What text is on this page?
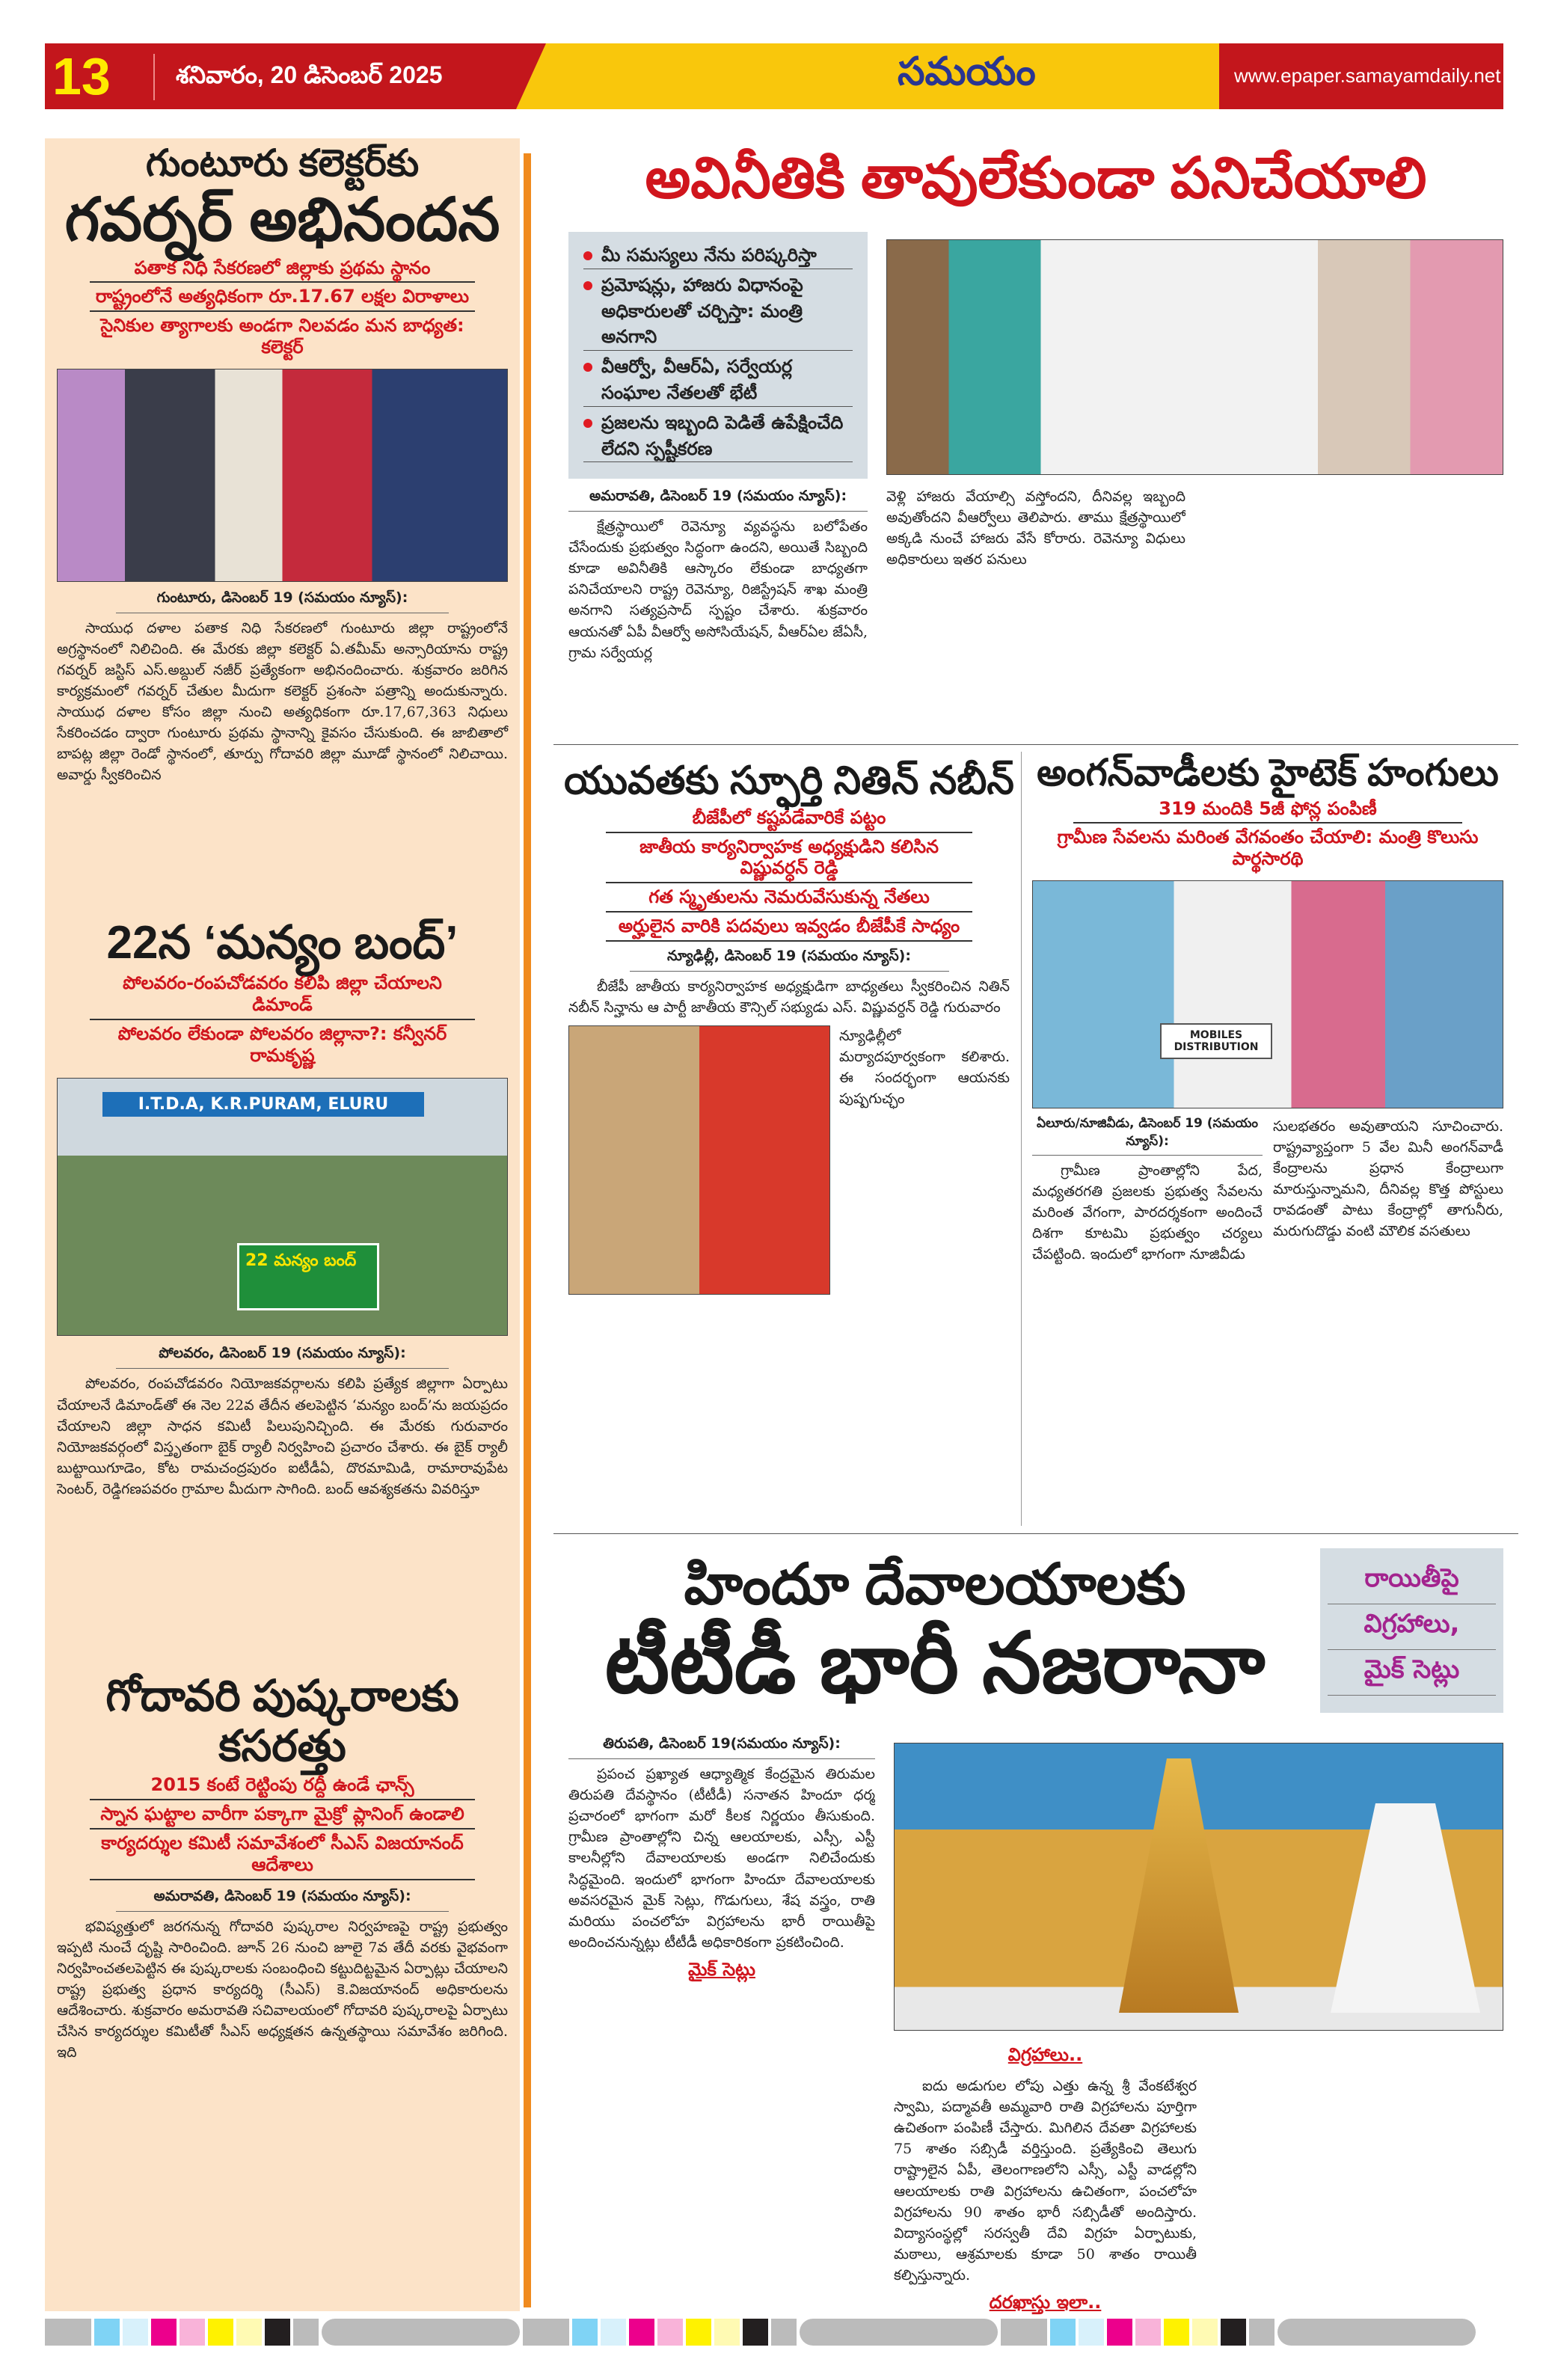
13	శనివారం, 20 డిసెంబర్ 2025	సమయం	www.epaper.samayamdaily.net
గుంటూరు కలెక్టర్‌కు
గవర్నర్ అభినందన
పతాక నిధి సేకరణలో జిల్లాకు ప్రథమ స్థానం
రాష్ట్రంలోనే అత్యధికంగా రూ.17.67 లక్షల విరాళాలు
సైనికుల త్యాగాలకు అండగా నిలవడం మన బాధ్యత: కలెక్టర్
గుంటూరు, డిసెంబర్ 19 (సమయం న్యూస్):
సాయుధ దళాల పతాక నిధి సేకరణలో గుంటూరు జిల్లా రాష్ట్రంలోనే అగ్రస్థానంలో నిలిచింది. ఈ మేరకు జిల్లా కలెక్టర్ ఏ.తమీమ్ అన్సారియాను రాష్ట్ర గవర్నర్ జస్టిస్ ఎస్.అబ్దుల్ నజీర్ ప్రత్యేకంగా అభినందించారు. శుక్రవారం జరిగిన కార్యక్రమంలో గవర్నర్ చేతుల మీదుగా కలెక్టర్ ప్రశంసా పత్రాన్ని అందుకున్నారు. సాయుధ దళాల కోసం జిల్లా నుంచి అత్యధికంగా రూ.17,67,363 నిధులు సేకరించడం ద్వారా గుంటూరు ప్రథమ స్థానాన్ని కైవసం చేసుకుంది. ఈ జాబితాలో బాపట్ల జిల్లా రెండో స్థానంలో, తూర్పు గోదావరి జిల్లా మూడో స్థానంలో నిలిచాయి. అవార్డు స్వీకరించిన
22న ‘మన్యం బంద్’
పోలవరం-రంపచోడవరం కలిపి జిల్లా చేయాలని డిమాండ్
పోలవరం లేకుండా పోలవరం జిల్లానా?: కన్వీనర్ రామకృష్ణ
I.T.D.A, K.R.PURAM, ELURU
22 మన్యం బంద్
పోలవరం, డిసెంబర్ 19 (సమయం న్యూస్):
పోలవరం, రంపచోడవరం నియోజకవర్గాలను కలిపి ప్రత్యేక జిల్లాగా ఏర్పాటు చేయాలనే డిమాండ్‌తో ఈ నెల 22వ తేదీన తలపెట్టిన ‘మన్యం బంద్’ను జయప్రదం చేయాలని జిల్లా సాధన కమిటీ పిలుపునిచ్చింది. ఈ మేరకు గురువారం నియోజకవర్గంలో విస్తృతంగా బైక్ ర్యాలీ నిర్వహించి ప్రచారం చేశారు. ఈ బైక్ ర్యాలీ బుట్టాయిగూడెం, కోట రామచంద్రపురం ఐటీడీఏ, దొరమామిడి, రామారావుపేట సెంటర్, రెడ్డిగణపవరం గ్రామాల మీదుగా సాగింది. బంద్ ఆవశ్యకతను వివరిస్తూ
గోదావరి పుష్కరాలకు కసరత్తు
2015 కంటే రెట్టింపు రద్దీ ఉండే ఛాన్స్
స్నాన ఘట్టాల వారీగా పక్కాగా మైక్రో ప్లానింగ్ ఉండాలి
కార్యదర్శుల కమిటీ సమావేశంలో సీఎస్ విజయానంద్ ఆదేశాలు
అమరావతి, డిసెంబర్ 19 (సమయం న్యూస్):
భవిష్యత్తులో జరగనున్న గోదావరి పుష్కరాల నిర్వహణపై రాష్ట్ర ప్రభుత్వం ఇప్పటి నుంచే దృష్టి సారించింది. జూన్ 26 నుంచి జూలై 7వ తేదీ వరకు వైభవంగా నిర్వహించతలపెట్టిన ఈ పుష్కరాలకు సంబంధించి కట్టుదిట్టమైన ఏర్పాట్లు చేయాలని రాష్ట్ర ప్రభుత్వ ప్రధాన కార్యదర్శి (సీఎస్) కె.విజయానంద్ అధికారులను ఆదేశించారు. శుక్రవారం అమరావతి సచివాలయంలో గోదావరి పుష్కరాలపై ఏర్పాటు చేసిన కార్యదర్శుల కమిటీతో సీఎస్ అధ్యక్షతన ఉన్నతస్థాయి సమావేశం జరిగింది. ఇది
అవినీతికి తావులేకుండా పనిచేయాలి
మీ సమస్యలు నేను పరిష్కరిస్తా
ప్రమోషన్లు, హాజరు విధానంపై అధికారులతో చర్చిస్తా: మంత్రి అనగాని
వీఆర్వో, వీఆర్ఏ, సర్వేయర్ల సంఘాల నేతలతో భేటీ
ప్రజలను ఇబ్బంది పెడితే ఉపేక్షించేది లేదని స్పష్టీకరణ
అమరావతి, డిసెంబర్ 19 (సమయం న్యూస్):
క్షేత్రస్థాయిలో రెవెన్యూ వ్యవస్థను బలోపేతం చేసేందుకు ప్రభుత్వం సిద్ధంగా ఉందని, అయితే సిబ్బంది కూడా అవినీతికి ఆస్కారం లేకుండా బాధ్యతగా పనిచేయాలని రాష్ట్ర రెవెన్యూ, రిజిస్ట్రేషన్ శాఖ మంత్రి అనగాని సత్యప్రసాద్ స్పష్టం చేశారు. శుక్రవారం ఆయనతో ఏపీ వీఆర్వో అసోసియేషన్, వీఆర్ఏల జేఏసీ, గ్రామ సర్వేయర్ల
వెళ్లి హాజరు వేయాల్సి వస్తోందని, దీనివల్ల ఇబ్బంది అవుతోందని వీఆర్వోలు తెలిపారు. తాము క్షేత్రస్థాయిలో అక్కడి నుంచే హాజరు వేసే కోరారు. రెవెన్యూ విధులు అధికారులు ఇతర పనులు
యువతకు స్ఫూర్తి నితిన్ నబీన్
బీజేపీలో కష్టపడేవారికే పట్టం
జాతీయ కార్యనిర్వాహక అధ్యక్షుడిని కలిసిన విష్ణువర్ధన్ రెడ్డి
గత స్మృతులను నెమరువేసుకున్న నేతలు
అర్హులైన వారికి పదవులు ఇవ్వడం బీజేపీకే సాధ్యం
న్యూఢిల్లీ, డిసెంబర్ 19 (సమయం న్యూస్):
బీజేపీ జాతీయ కార్యనిర్వాహక అధ్యక్షుడిగా బాధ్యతలు స్వీకరించిన నితిన్ నబీన్ సిన్హాను ఆ పార్టీ జాతీయ కౌన్సిల్ సభ్యుడు ఎస్. విష్ణువర్ధన్ రెడ్డి గురువారం
న్యూఢిల్లీలో మర్యాదపూర్వకంగా కలిశారు. ఈ సందర్భంగా ఆయనకు పుష్పగుచ్ఛం
అంగన్‌వాడీలకు హైటెక్ హంగులు
319 మందికి 5జీ ఫోన్ల పంపిణీ
గ్రామీణ సేవలను మరింత వేగవంతం చేయాలి: మంత్రి కొలుసు పార్థసారథి
MOBILES DISTRIBUTION
ఏలూరు/నూజివీడు, డిసెంబర్ 19 (సమయం న్యూస్):
గ్రామీణ ప్రాంతాల్లోని పేద, మధ్యతరగతి ప్రజలకు ప్రభుత్వ సేవలను మరింత వేగంగా, పారదర్శకంగా అందించే దిశగా కూటమి ప్రభుత్వం చర్యలు చేపట్టింది. ఇందులో భాగంగా నూజివీడు
సులభతరం అవుతాయని సూచించారు. రాష్ట్రవ్యాప్తంగా 5 వేల మినీ అంగన్‌వాడీ కేంద్రాలను ప్రధాన కేంద్రాలుగా మారుస్తున్నామని, దీనివల్ల కొత్త పోస్టులు రావడంతో పాటు కేంద్రాల్లో తాగునీరు, మరుగుదొడ్డు వంటి మౌలిక వసతులు
హిందూ దేవాలయాలకు
టీటీడీ భారీ నజరానా
రాయితీపై
విగ్రహాలు,
మైక్ సెట్లు
తిరుపతి, డిసెంబర్ 19(సమయం న్యూస్):
ప్రపంచ ప్రఖ్యాత ఆధ్యాత్మిక కేంద్రమైన తిరుమల తిరుపతి దేవస్థానం (టీటీడీ) సనాతన హిందూ ధర్మ ప్రచారంలో భాగంగా మరో కీలక నిర్ణయం తీసుకుంది. గ్రామీణ ప్రాంతాల్లోని చిన్న ఆలయాలకు, ఎస్సీ, ఎస్టీ కాలనీల్లోని దేవాలయాలకు అండగా నిలిచేందుకు సిద్ధమైంది. ఇందులో భాగంగా హిందూ దేవాలయాలకు అవసరమైన మైక్ సెట్లు, గొడుగులు, శేష వస్త్రం, రాతి మరియు పంచలోహ విగ్రహాలను భారీ రాయితీపై అందించనున్నట్లు టీటీడీ అధికారికంగా ప్రకటించింది.
మైక్ సెట్లు
విగ్రహాలు..
ఐదు అడుగుల లోపు ఎత్తు ఉన్న శ్రీ వేంకటేశ్వర స్వామి, పద్మావతీ అమ్మవారి రాతి విగ్రహాలను పూర్తిగా ఉచితంగా పంపిణీ చేస్తారు. మిగిలిన దేవతా విగ్రహాలకు 75 శాతం సబ్సిడీ వర్తిస్తుంది. ప్రత్యేకించి తెలుగు రాష్ట్రాలైన ఏపీ, తెలంగాణలోని ఎస్సీ, ఎస్టీ వాడల్లోని ఆలయాలకు రాతి విగ్రహాలను ఉచితంగా, పంచలోహ విగ్రహాలను 90 శాతం భారీ సబ్సిడీతో అందిస్తారు. విద్యాసంస్థల్లో సరస్వతీ దేవి విగ్రహ ఏర్పాటుకు, మఠాలు, ఆశ్రమాలకు కూడా 50 శాతం రాయితీ కల్పిస్తున్నారు.
దరఖాస్తు ఇలా..
